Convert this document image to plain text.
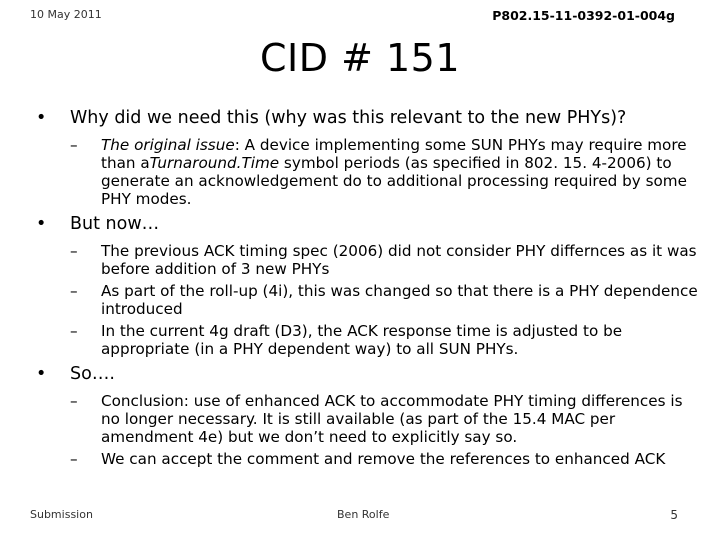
10 May 2011	P802.15-11-0392-01-004g
CID # 151
• Why did we need this (why was this relevant to the new PHYs)?
– The original issue: A device implementing some SUN PHYs may require more than aTurnaround.Time symbol periods (as specified in 802. 15. 4-2006) to generate an acknowledgement do to additional processing required by some PHY modes.
• But now…
– The previous ACK timing spec (2006) did not consider PHY differnces as it was before addition of 3 new PHYs
– As part of the roll-up (4i), this was changed so that there is a PHY dependence introduced
– In the current 4g draft (D3), the ACK response time is adjusted to be appropriate (in a PHY dependent way) to all SUN PHYs.
• So….
– Conclusion: use of enhanced ACK to accommodate PHY timing differences is no longer necessary. It is still available (as part of the 15.4 MAC per amendment 4e) but we don’t need to explicitly say so.
– We can accept the comment and remove the references to enhanced ACK
Submission	Ben Rolfe	5
